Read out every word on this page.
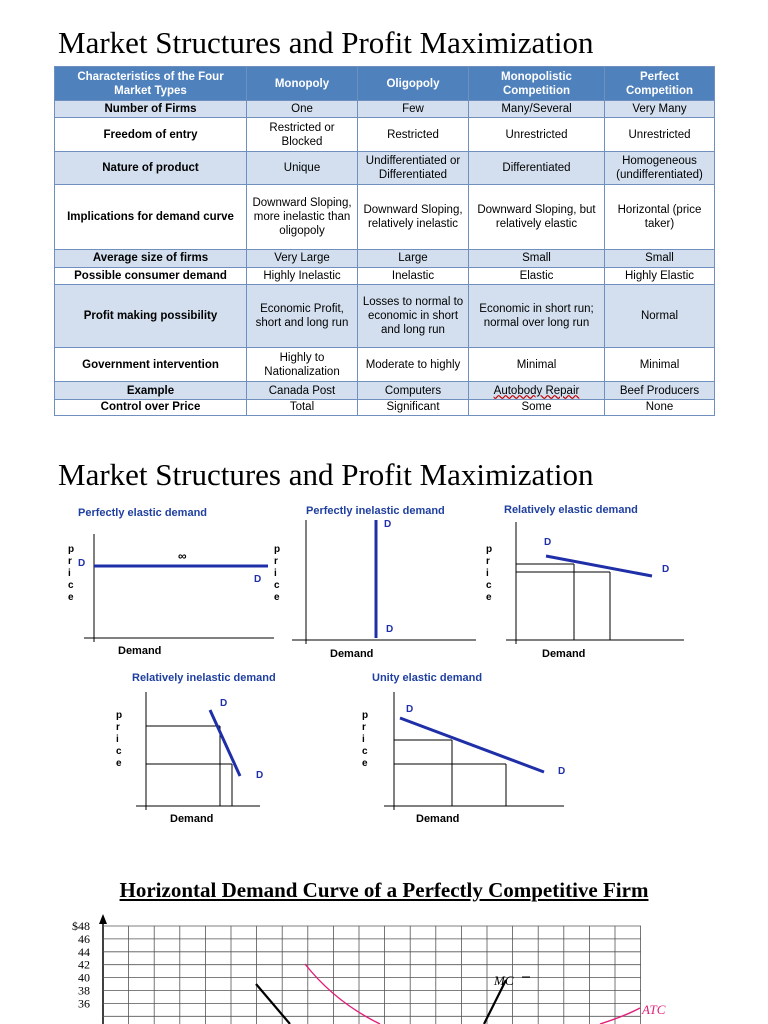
Market Structures and Profit Maximization
Characteristics of the Four Market Types	Monopoly	Oligopoly	Monopolistic Competition	Perfect Competition
Number of Firms	One	Few	Many/Several	Very Many
Freedom of entry	Restricted or Blocked	Restricted	Unrestricted	Unrestricted
Nature of product	Unique	Undifferentiated or Differentiated	Differentiated	Homogeneous (undifferentiated)
Implications for demand curve	Downward Sloping, more inelastic than oligopoly	Downward Sloping, relatively inelastic	Downward Sloping, but relatively elastic	Horizontal (price taker)
Average size of firms	Very Large	Large	Small	Small
Possible consumer demand	Highly Inelastic	Inelastic	Elastic	Highly Elastic
Profit making possibility	Economic Profit, short and long run	Losses to normal to economic in short and long run	Economic in short run; normal over long run	Normal
Government intervention	Highly to Nationalization	Moderate to highly	Minimal	Minimal
Example	Canada Post	Computers	Autobody Repair	Beef Producers
Control over Price	Total	Significant	Some	None
Market Structures and Profit Maximization
Perfectly elastic demand
D
D
∞
p r i c e
Demand
Perfectly inelastic demand
D
D
p r i c e
Demand
Relatively elastic demand
D
D
p r i c e
Demand
Relatively inelastic demand
D
D
p r i c e
Demand
Unity elastic demand
D
D
p r i c e
Demand
Horizontal Demand Curve of a Perfectly Competitive Firm
$48
46
44
42
40
38
36
MC
ATC
